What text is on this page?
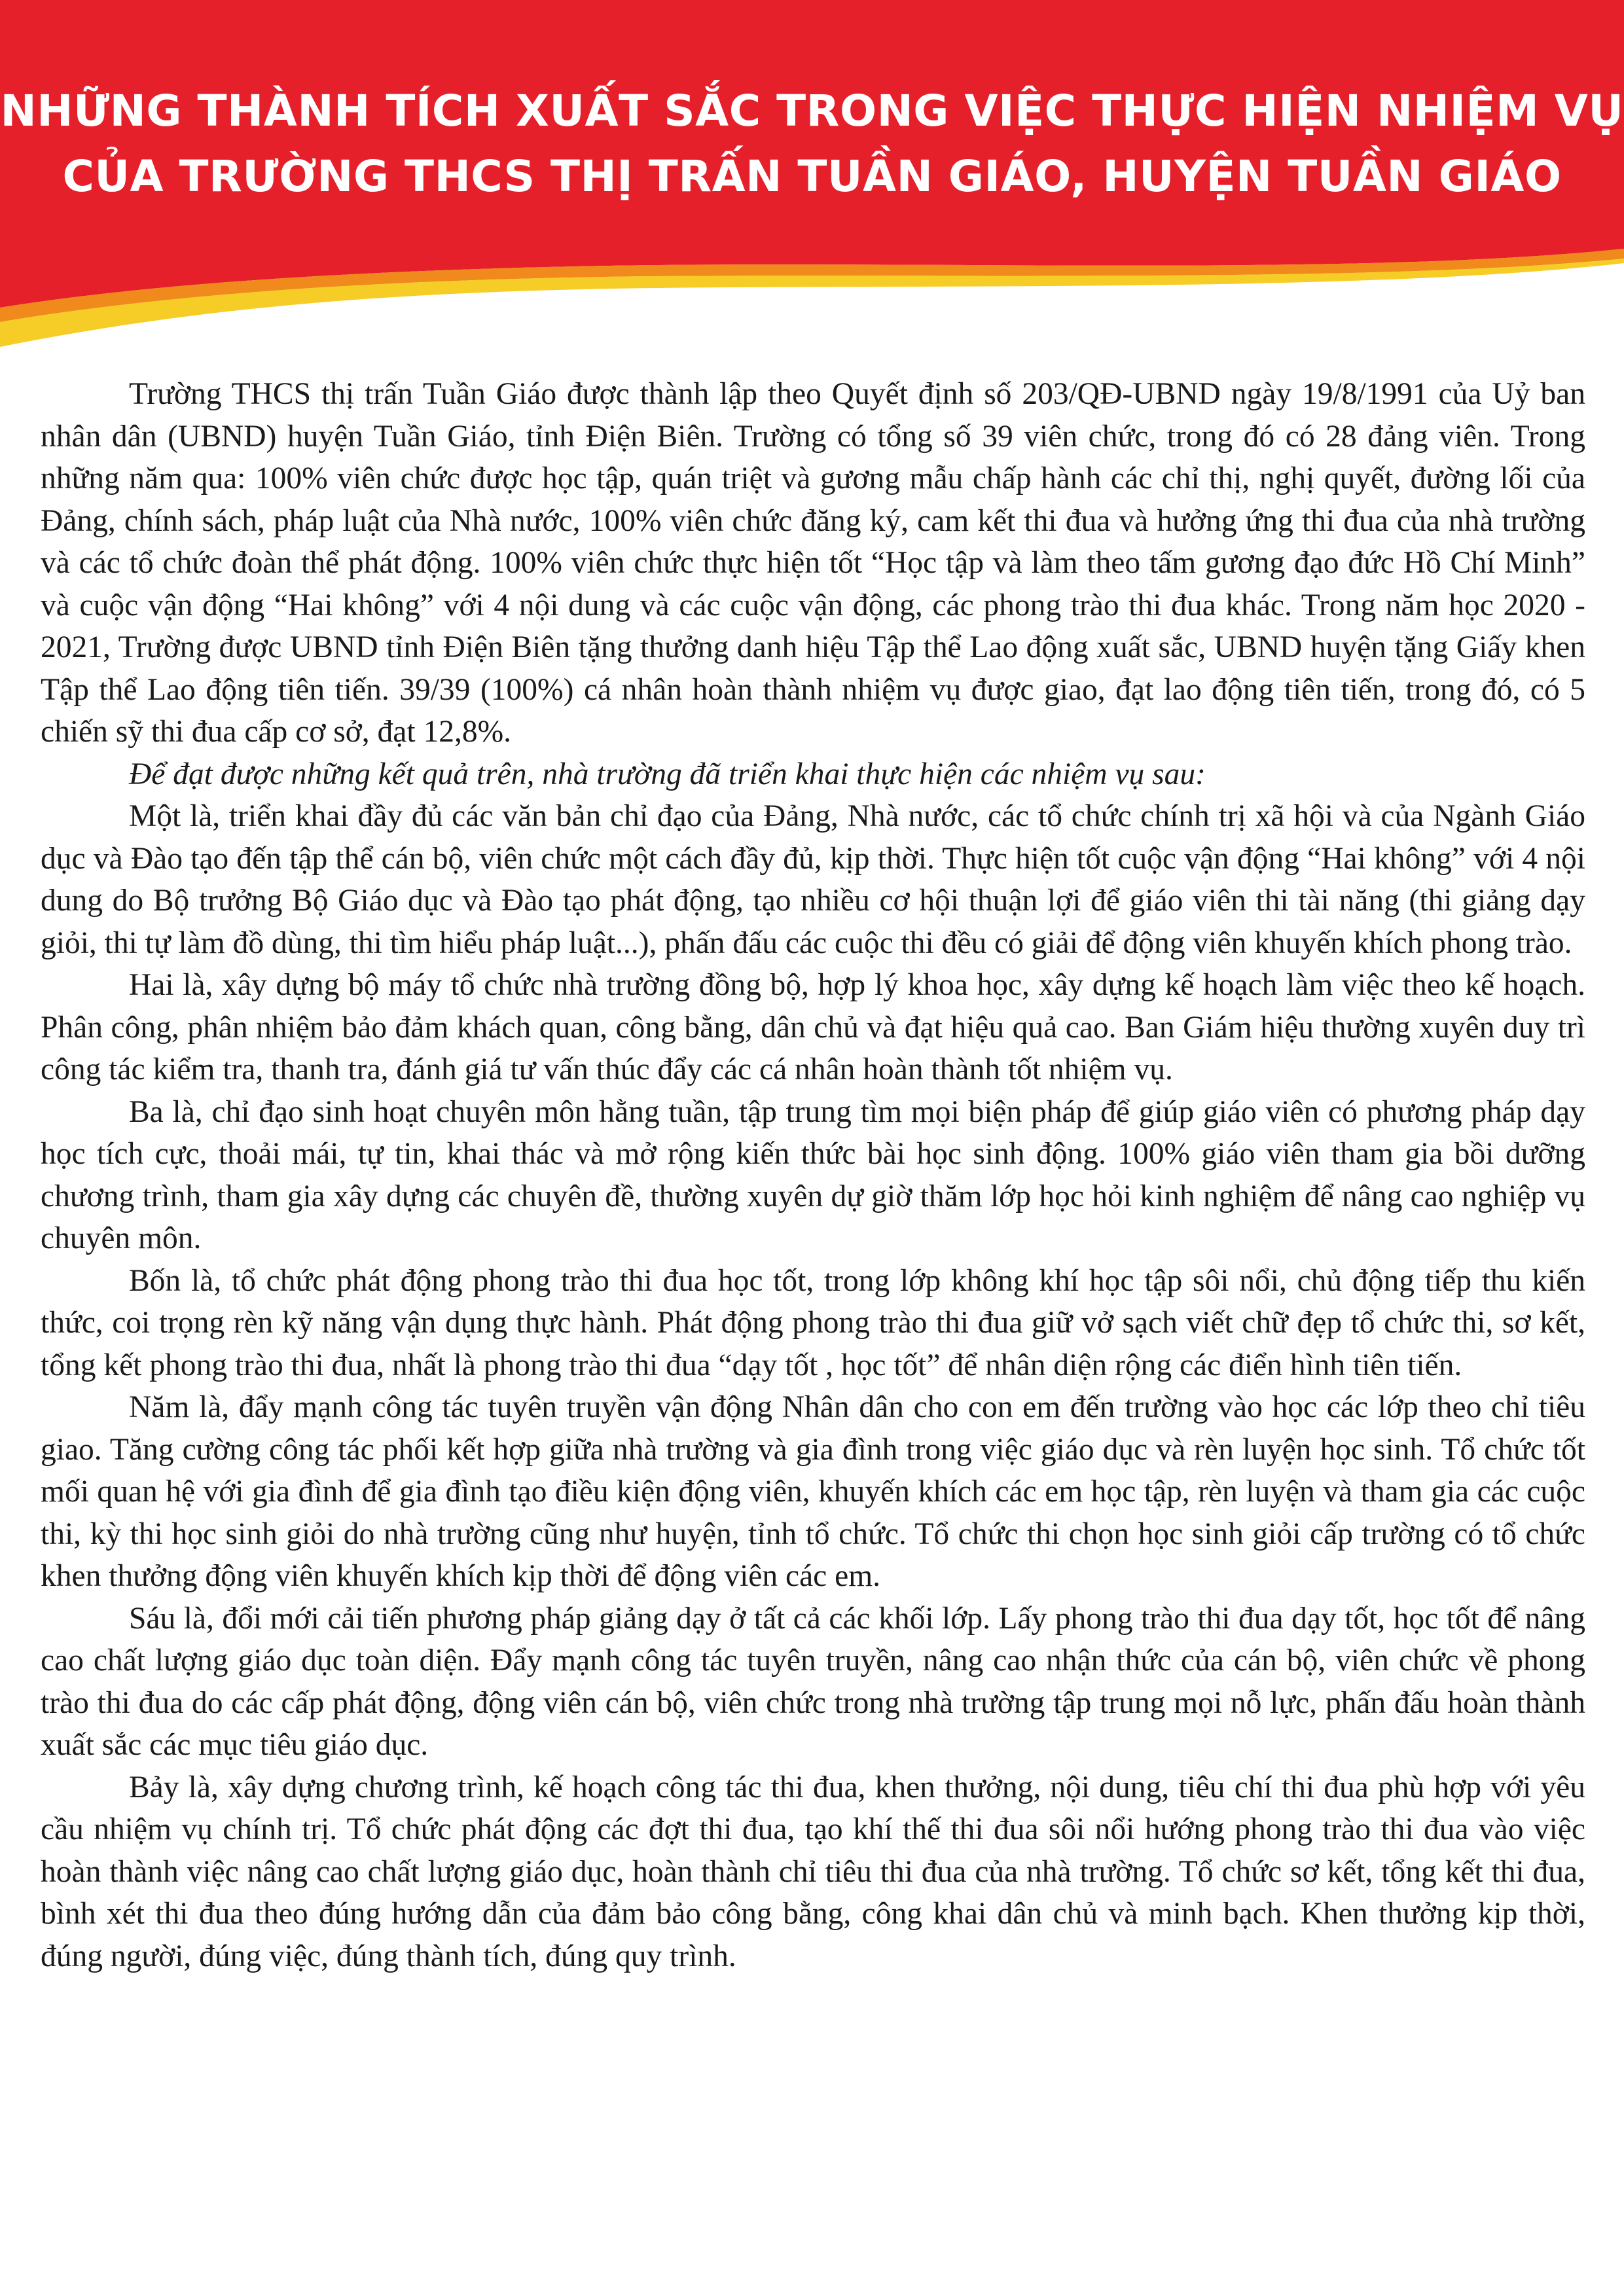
NHỮNG THÀNH TÍCH XUẤT SẮC TRONG VIỆC THỰC HIỆN NHIỆM VỤ
CỦA TRƯỜNG THCS THỊ TRẤN TUẦN GIÁO, HUYỆN TUẦN GIÁO

Trường THCS thị trấn Tuần Giáo được thành lập theo Quyết định số 203/QĐ-UBND ngày 19/8/1991 của Uỷ ban nhân dân (UBND) huyện Tuần Giáo, tỉnh Điện Biên. Trường có tổng số 39 viên chức, trong đó có 28 đảng viên. Trong những năm qua: 100% viên chức được học tập, quán triệt và gương mẫu chấp hành các chỉ thị, nghị quyết, đường lối của Đảng, chính sách, pháp luật của Nhà nước, 100% viên chức đăng ký, cam kết thi đua và hưởng ứng thi đua của nhà trường và các tổ chức đoàn thể phát động. 100% viên chức thực hiện tốt “Học tập và làm theo tấm gương đạo đức Hồ Chí Minh” và cuộc vận động “Hai không” với 4 nội dung và các cuộc vận động, các phong trào thi đua khác. Trong năm học 2020 - 2021, Trường được UBND tỉnh Điện Biên tặng thưởng danh hiệu Tập thể Lao động xuất sắc, UBND huyện tặng Giấy khen Tập thể Lao động tiên tiến. 39/39 (100%) cá nhân hoàn thành nhiệm vụ được giao, đạt lao động tiên tiến, trong đó, có 5 chiến sỹ thi đua cấp cơ sở, đạt 12,8%.

Để đạt được những kết quả trên, nhà trường đã triển khai thực hiện các nhiệm vụ sau:

Một là, triển khai đầy đủ các văn bản chỉ đạo của Đảng, Nhà nước, các tổ chức chính trị xã hội và của Ngành Giáo dục và Đào tạo đến tập thể cán bộ, viên chức một cách đầy đủ, kịp thời. Thực hiện tốt cuộc vận động “Hai không” với 4 nội dung do Bộ trưởng Bộ Giáo dục và Đào tạo phát động, tạo nhiều cơ hội thuận lợi để giáo viên thi tài năng (thi giảng dạy giỏi, thi tự làm đồ dùng, thi tìm hiểu pháp luật...), phấn đấu các cuộc thi đều có giải để động viên khuyến khích phong trào.

Hai là, xây dựng bộ máy tổ chức nhà trường đồng bộ, hợp lý khoa học, xây dựng kế hoạch làm việc theo kế hoạch. Phân công, phân nhiệm bảo đảm khách quan, công bằng, dân chủ và đạt hiệu quả cao. Ban Giám hiệu thường xuyên duy trì công tác kiểm tra, thanh tra, đánh giá tư vấn thúc đẩy các cá nhân hoàn thành tốt nhiệm vụ.

Ba là, chỉ đạo sinh hoạt chuyên môn hằng tuần, tập trung tìm mọi biện pháp để giúp giáo viên có phương pháp dạy học tích cực, thoải mái, tự tin, khai thác và mở rộng kiến thức bài học sinh động. 100% giáo viên tham gia bồi dưỡng chương trình, tham gia xây dựng các chuyên đề, thường xuyên dự giờ thăm lớp học hỏi kinh nghiệm để nâng cao nghiệp vụ chuyên môn.

Bốn là, tổ chức phát động phong trào thi đua học tốt, trong lớp không khí học tập sôi nổi, chủ động tiếp thu kiến thức, coi trọng rèn kỹ năng vận dụng thực hành. Phát động phong trào thi đua giữ vở sạch viết chữ đẹp tổ chức thi, sơ kết, tổng kết phong trào thi đua, nhất là phong trào thi đua “dạy tốt , học tốt” để nhân diện rộng các điển hình tiên tiến.

Năm là, đẩy mạnh công tác tuyên truyền vận động Nhân dân cho con em đến trường vào học các lớp theo chỉ tiêu giao. Tăng cường công tác phối kết hợp giữa nhà trường và gia đình trong việc giáo dục và rèn luyện học sinh. Tổ chức tốt mối quan hệ với gia đình để gia đình tạo điều kiện động viên, khuyến khích các em học tập, rèn luyện và tham gia các cuộc thi, kỳ thi học sinh giỏi do nhà trường cũng như huyện, tỉnh tổ chức. Tổ chức thi chọn học sinh giỏi cấp trường có tổ chức khen thưởng động viên khuyến khích kịp thời để động viên các em.

Sáu là, đổi mới cải tiến phương pháp giảng dạy ở tất cả các khối lớp. Lấy phong trào thi đua dạy tốt, học tốt để nâng cao chất lượng giáo dục toàn diện. Đẩy mạnh công tác tuyên truyền, nâng cao nhận thức của cán bộ, viên chức về phong trào thi đua do các cấp phát động, động viên cán bộ, viên chức trong nhà trường tập trung mọi nỗ lực, phấn đấu hoàn thành xuất sắc các mục tiêu giáo dục.

Bảy là, xây dựng chương trình, kế hoạch công tác thi đua, khen thưởng, nội dung, tiêu chí thi đua phù hợp với yêu cầu nhiệm vụ chính trị. Tổ chức phát động các đợt thi đua, tạo khí thế thi đua sôi nổi hướng phong trào thi đua vào việc hoàn thành việc nâng cao chất lượng giáo dục, hoàn thành chỉ tiêu thi đua của nhà trường. Tổ chức sơ kết, tổng kết thi đua, bình xét thi đua theo đúng hướng dẫn của đảm bảo công bằng, công khai dân chủ và minh bạch. Khen thưởng kịp thời, đúng người, đúng việc, đúng thành tích, đúng quy trình.
